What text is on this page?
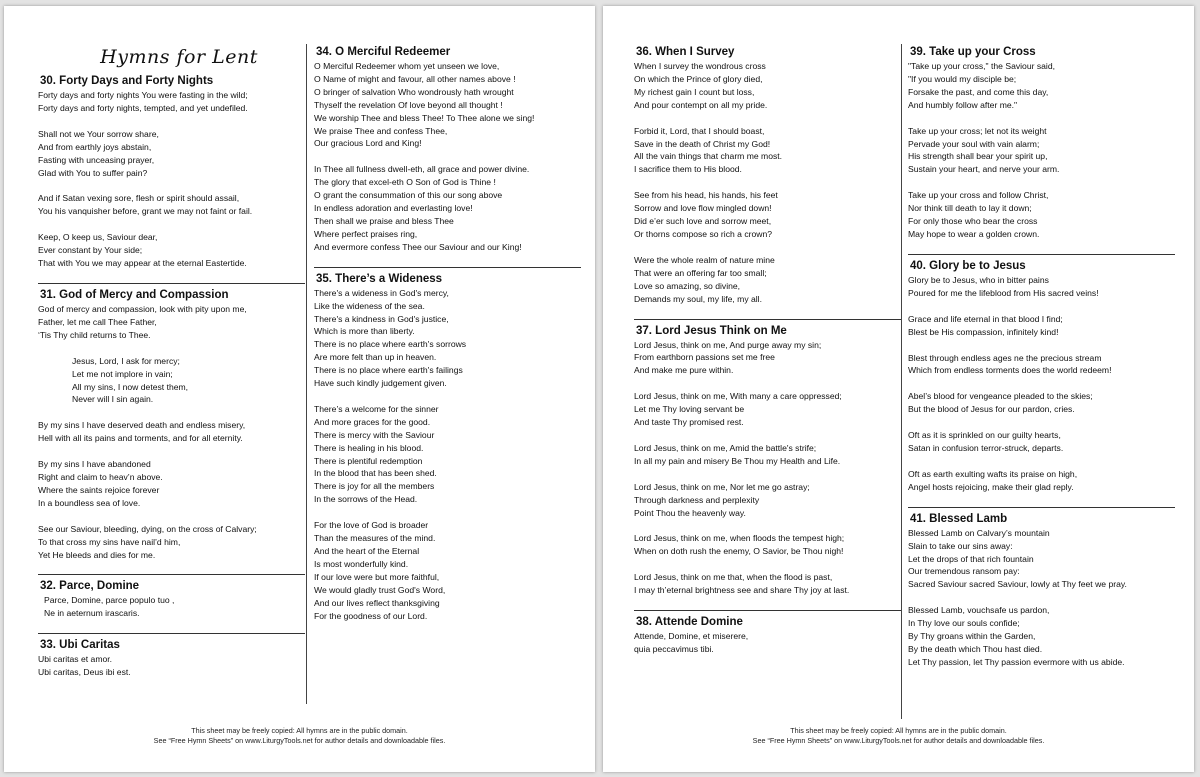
Hymns for Lent
30. Forty Days and Forty Nights
Forty days and forty nights You were fasting in the wild;
Forty days and forty nights, tempted, and yet undefiled.
Shall not we Your sorrow share,
And from earthly joys abstain,
Fasting with unceasing prayer,
Glad with You to suffer pain?
And if Satan vexing sore, flesh or spirit should assail,
You his vanquisher before, grant we may not faint or fail.
Keep, O keep us, Saviour dear,
Ever constant by Your side;
That with You we may appear at the eternal Eastertide.
31. God of Mercy and Compassion
God of mercy and compassion, look with pity upon me,
Father, let me call Thee Father,
‘Tis Thy child returns to Thee.
Jesus, Lord, I ask for mercy;
Let me not implore in vain;
All my sins, I now detest them,
Never will I sin again.
By my sins I have deserved death and endless misery,
Hell with all its pains and torments, and for all eternity.
By my sins I have abandoned
Right and claim to heav’n above.
Where the saints rejoice forever
In a boundless sea of love.
See our Saviour, bleeding, dying, on the cross of Calvary;
To that cross my sins have nail’d him,
Yet He bleeds and dies for me.
32. Parce, Domine
Parce, Domine, parce populo tuo ,
Ne in aeternum irascaris.
33. Ubi Caritas
Ubi caritas et amor.
Ubi caritas, Deus ibi est.
34. O Merciful Redeemer
O Merciful Redeemer whom yet unseen we love,
O Name of might and favour, all other names above !
O bringer of salvation Who wondrously hath wrought
Thyself the revelation Of love beyond all thought !
We worship Thee and bless Thee! To Thee alone we sing!
We praise Thee and confess Thee,
Our gracious Lord and King!
In Thee all fullness dwell-eth, all grace and power divine.
The glory that excel-eth O Son of God is Thine !
O grant the consummation of this our song above
In endless adoration and everlasting love!
Then shall we praise and bless Thee
Where perfect praises ring,
And evermore confess Thee our Saviour and our King!
35. There’s a Wideness
There's a wideness in God's mercy,
Like the wideness of the sea.
There's a kindness in God's justice,
Which is more than liberty.
There is no place where earth's sorrows
Are more felt than up in heaven.
There is no place where earth's failings
Have such kindly judgement given.
There’s a welcome for the sinner
And more graces for the good.
There is mercy with the Saviour
There is healing in his blood.
There is plentiful redemption
In the blood that has been shed.
There is joy for all the members
In the sorrows of the Head.
For the love of God is broader
Than the measures of the mind.
And the heart of the Eternal
Is most wonderfully kind.
If our love were but more faithful,
We would gladly trust God's Word,
And our lives reflect thanksgiving
For the goodness of our Lord.
This sheet may be freely copied: All hymns are in the public domain.
See “Free Hymn Sheets” on www.LiturgyTools.net for author details and downloadable files.
36. When I Survey
When I survey the wondrous cross
On which the Prince of glory died,
My richest gain I count but loss,
And pour contempt on all my pride.
Forbid it, Lord, that I should boast,
Save in the death of Christ my God!
All the vain things that charm me most.
I sacrifice them to His blood.
See from his head, his hands, his feet
Sorrow and love flow mingled down!
Did e’er such love and sorrow meet,
Or thorns compose so rich a crown?
Were the whole realm of nature mine
That were an offering far too small;
Love so amazing, so divine,
Demands my soul, my life, my all.
37. Lord Jesus Think on Me
Lord Jesus, think on me, And purge away my sin;
From earthborn passions set me free
And make me pure within.
Lord Jesus, think on me, With many a care oppressed;
Let me Thy loving servant be
And taste Thy promised rest.
Lord Jesus, think on me, Amid the battle's strife;
In all my pain and misery Be Thou my Health and Life.
Lord Jesus, think on me, Nor let me go astray;
Through darkness and perplexity
Point Thou the heavenly way.
Lord Jesus, think on me, when floods the tempest high;
When on doth rush the enemy, O Savior, be Thou nigh!
Lord Jesus, think on me that, when the flood is past,
I may th’eternal brightness see and share Thy joy at last.
38. Attende Domine
Attende, Domine, et miserere,
quia peccavimus tibi.
39. Take up your Cross
"Take up your cross," the Saviour said,
"If you would my disciple be;
Forsake the past, and come this day,
And humbly follow after me."
Take up your cross; let not its weight
Pervade your soul with vain alarm;
His strength shall bear your spirit up,
Sustain your heart, and nerve your arm.
Take up your cross and follow Christ,
Nor think till death to lay it down;
For only those who bear the cross
May hope to wear a golden crown.
40. Glory be to Jesus
Glory be to Jesus, who in bitter pains
Poured for me the lifeblood from His sacred veins!
Grace and life eternal in that blood I find;
Blest be His compassion, infinitely kind!
Blest through endless ages ne the precious stream
Which from endless torments does the world redeem!
Abel’s blood for vengeance pleaded to the skies;
But the blood of Jesus for our pardon, cries.
Oft as it is sprinkled on our guilty hearts,
Satan in confusion terror-struck, departs.
Oft as earth exulting wafts its praise on high,
Angel hosts rejoicing, make their glad reply.
41. Blessed Lamb
Blessed Lamb on Calvary’s mountain
Slain to take our sins away:
Let the drops of that rich fountain
Our tremendous ransom pay:
Sacred Saviour sacred Saviour, lowly at Thy feet we pray.
Blessed Lamb, vouchsafe us pardon,
In Thy love our souls confide;
By Thy groans within the Garden,
By the death which Thou hast died.
Let Thy passion, let Thy passion evermore with us abide.
This sheet may be freely copied: All hymns are in the public domain.
See “Free Hymn Sheets” on www.LiturgyTools.net for author details and downloadable files.
